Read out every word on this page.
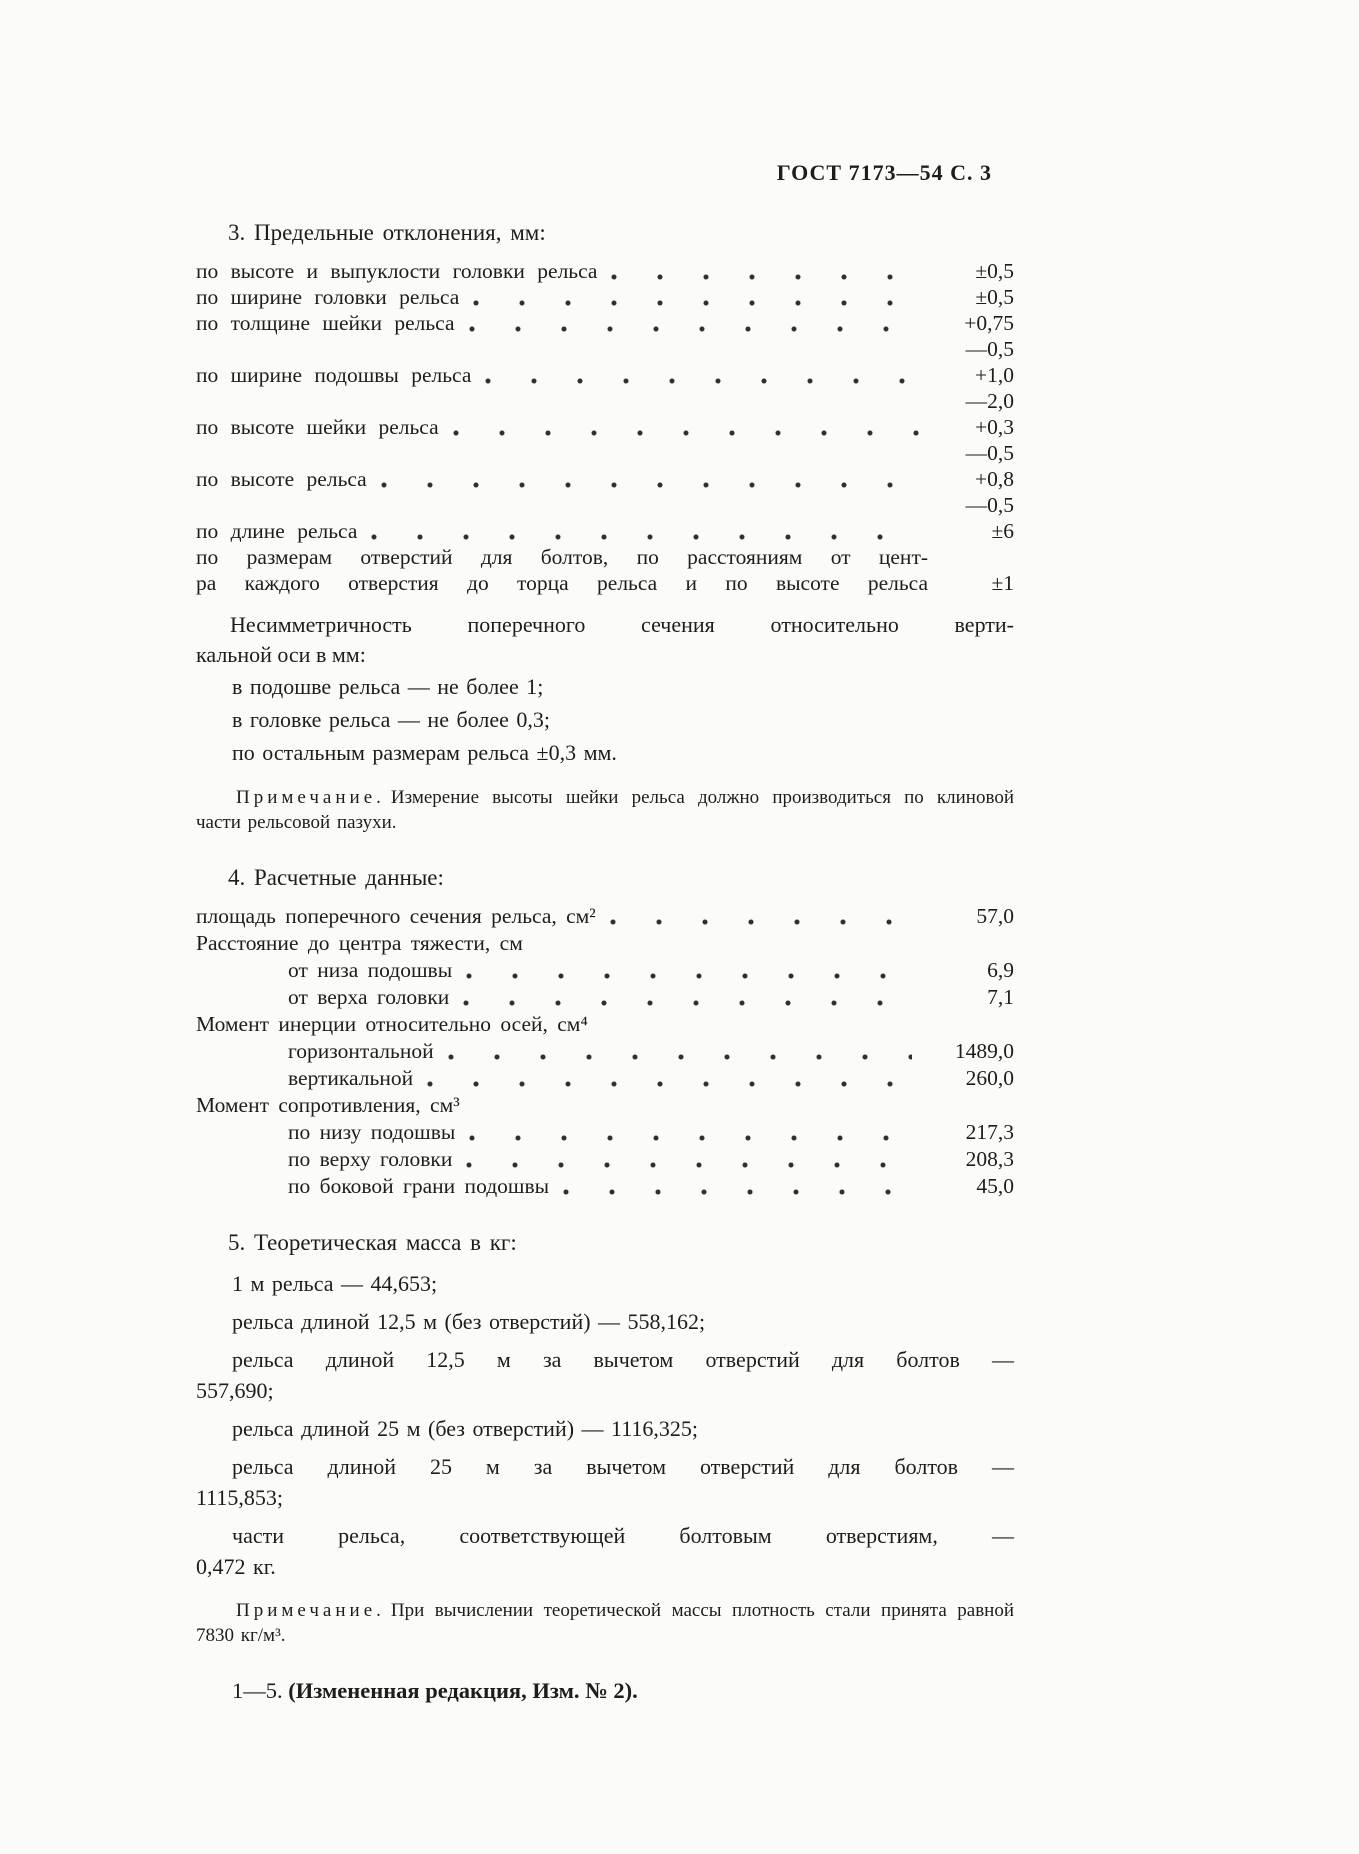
ГОСТ 7173—54 С. 3
3. Предельные отклонения, мм:
по высоте и выпуклости головки рельса	±0,5
по ширине головки рельса	±0,5
по толщине шейки рельса	+0,75
—0,5
по ширине подошвы рельса	+1,0
—2,0
по высоте шейки рельса	+0,3
—0,5
по высоте рельса	+0,8
—0,5
по длине рельса	±6
по размерам отверстий для болтов, по расстояниям от цент-
ра каждого отверстия до торца рельса и по высоте рельса	±1
Несимметричность поперечного сечения относительно верти-
кальной оси в мм:
в подошве рельса — не более 1;
в головке рельса — не более 0,3;
по остальным размерам рельса ±0,3 мм.
Примечание. Измерение высоты шейки рельса должно производиться по клиновой части рельсовой пазухи.
4. Расчетные данные:
площадь поперечного сечения рельса, см²	57,0
Расстояние до центра тяжести, см
от низа подошвы	6,9
от верха головки	7,1
Момент инерции относительно осей, см⁴
горизонтальной	1489,0
вертикальной	260,0
Момент сопротивления, см³
по низу подошвы	217,3
по верху головки	208,3
по боковой грани подошвы	45,0
5. Теоретическая масса в кг:
1 м рельса — 44,653;
рельса длиной 12,5 м (без отверстий) — 558,162;
рельса длиной 12,5 м за вычетом отверстий для болтов —
557,690;
рельса длиной 25 м (без отверстий) — 1116,325;
рельса длиной 25 м за вычетом отверстий для болтов —
1115,853;
части рельса, соответствующей болтовым отверстиям, —
0,472 кг.
Примечание. При вычислении теоретической массы плотность стали принята равной 7830 кг/м³.
1—5. (Измененная редакция, Изм. № 2).
